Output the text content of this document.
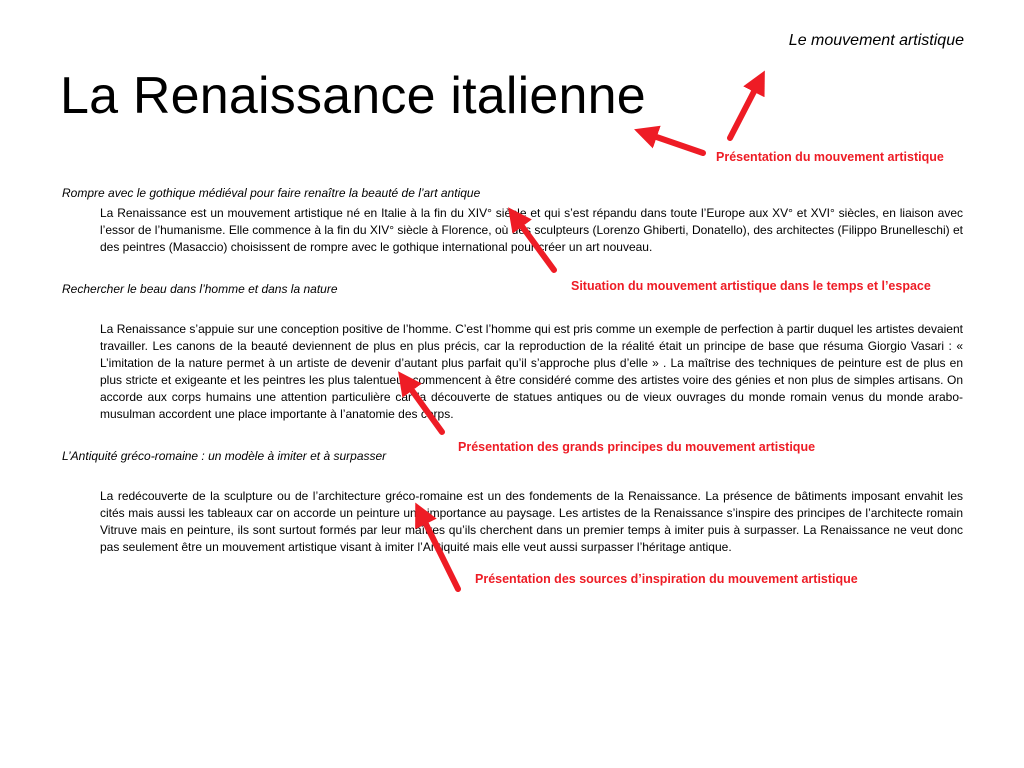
Le mouvement artistique
La Renaissance italienne
Rompre avec le gothique médiéval pour faire renaître la beauté de l’art antique

La Renaissance est un mouvement artistique né en Italie à la fin du XIV° siècle et qui s’est répandu dans toute l’Europe aux XV° et XVI° siècles, en liaison avec l’essor de l’humanisme. Elle commence à la fin du XIV° siècle à Florence, où des sculpteurs (Lorenzo Ghiberti, Donatello), des architectes (Filippo Brunelleschi) et des peintres (Masaccio) choisissent de rompre avec le gothique international pour créer un art nouveau.

Rechercher le beau dans l’homme et dans la nature

La Renaissance s’appuie sur une conception positive de l’homme. C’est l’homme qui est pris comme un exemple de perfection à partir duquel les artistes devaient travailler. Les canons de la beauté deviennent de plus en plus précis, car la reproduction de la réalité était un principe de base que résuma Giorgio Vasari : « L’imitation de la nature permet à un artiste de devenir d’autant plus parfait qu’il s’approche plus d’elle » . La maîtrise des techniques de peinture est de plus en plus stricte et exigeante et les peintres les plus talentueux commencent à être considéré comme des artistes voire des génies et non plus de simples artisans. On accorde aux corps humains une attention particulière car la découverte de statues antiques ou de vieux ouvrages du monde romain venus du monde arabo-musulman accordent une place importante à l’anatomie des corps.

L’Antiquité gréco-romaine : un modèle à imiter et à surpasser

La redécouverte de la sculpture ou de l’architecture gréco-romaine est un des fondements de la Renaissance. La présence de bâtiments imposant envahit les cités mais aussi les tableaux car on accorde un peinture une importance au paysage. Les artistes de la Renaissance s’inspire des principes de l’architecte romain Vitruve mais en peinture, ils sont surtout formés par leur maîtres qu’ils cherchent dans un premier temps à imiter puis à surpasser. La Renaissance ne veut donc pas seulement être un mouvement artistique visant à imiter l’Antiquité mais elle veut aussi surpasser l’héritage antique.

Présentation du mouvement artistique
Situation du mouvement artistique dans le temps et l’espace
Présentation des grands principes du mouvement artistique
Présentation des sources d’inspiration du mouvement artistique
